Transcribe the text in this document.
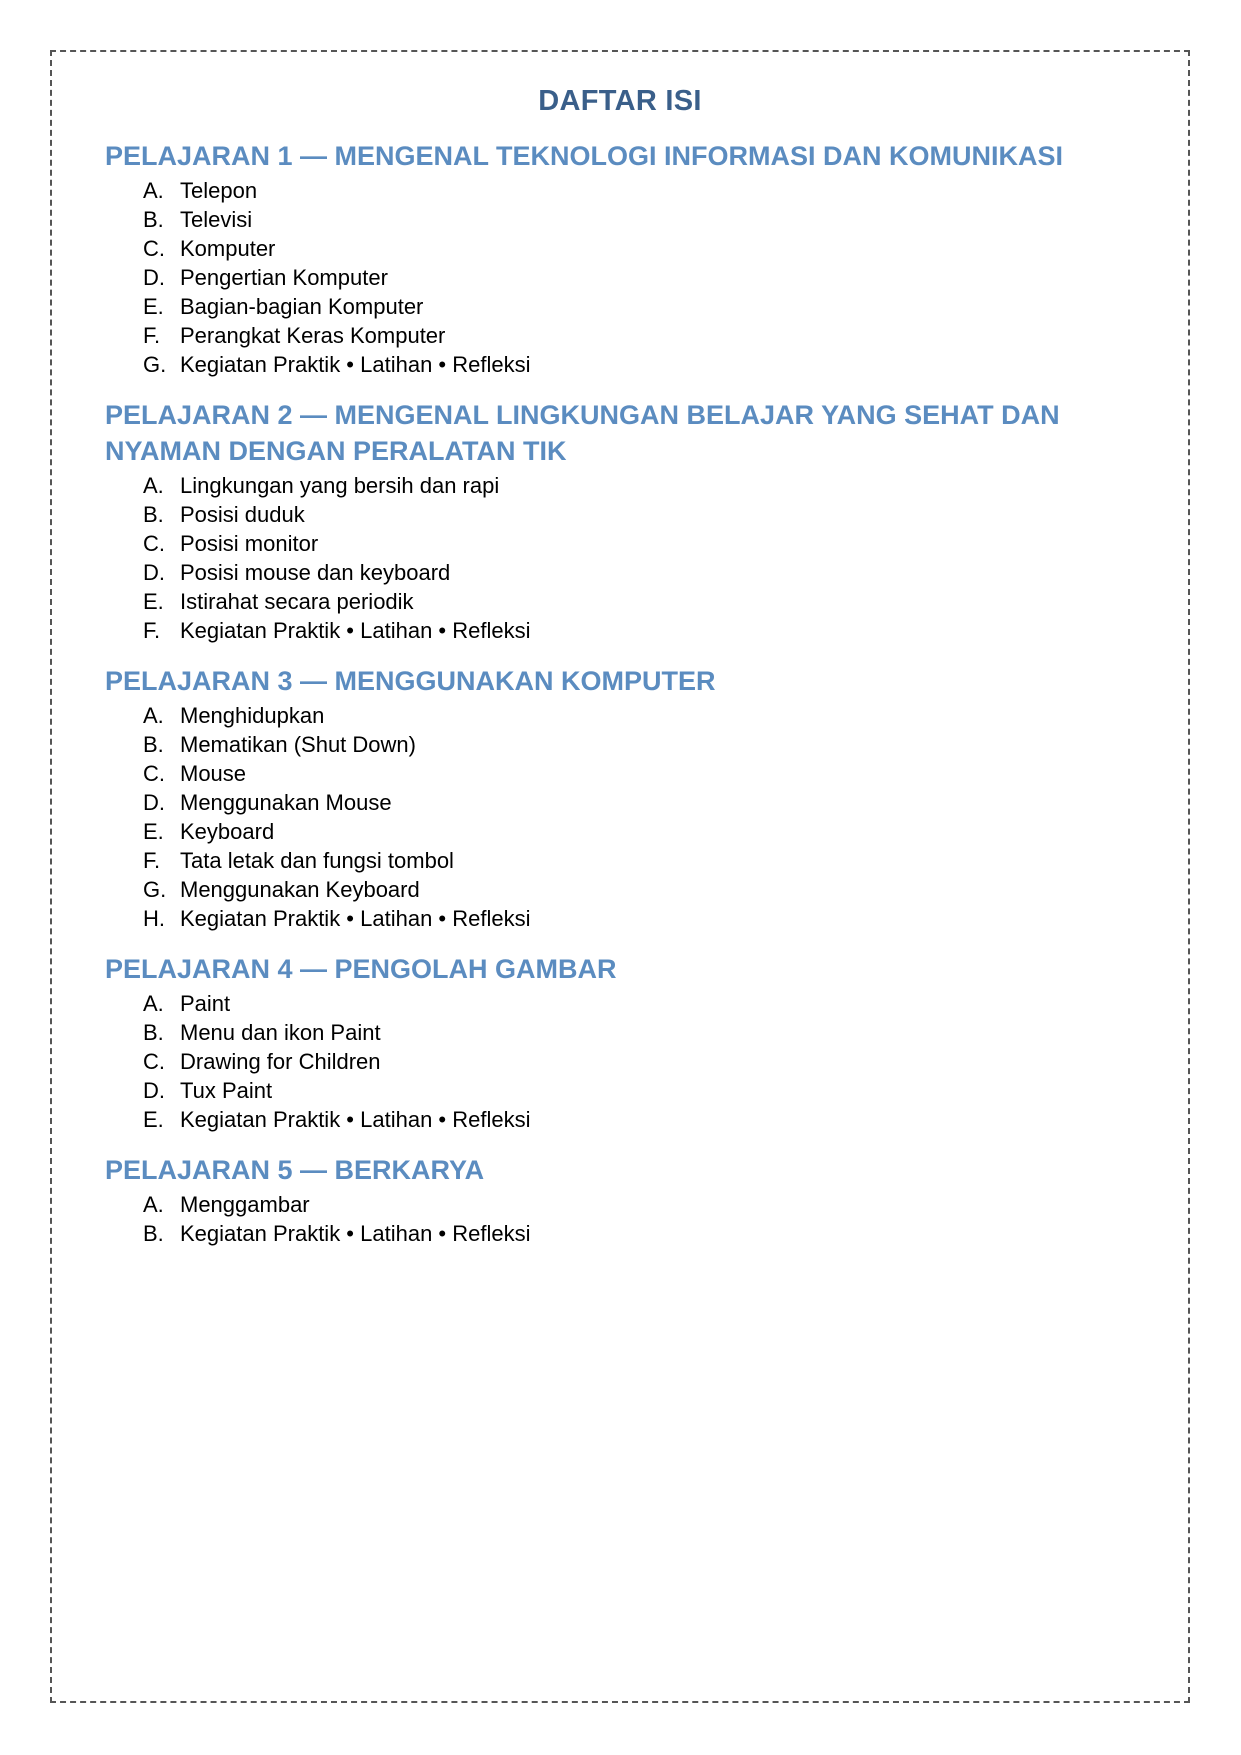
DAFTAR ISI
PELAJARAN 1 — MENGENAL TEKNOLOGI INFORMASI DAN KOMUNIKASI
A. Telepon
B. Televisi
C. Komputer
D. Pengertian Komputer
E. Bagian-bagian Komputer
F. Perangkat Keras Komputer
G. Kegiatan Praktik • Latihan • Refleksi
PELAJARAN 2 — MENGENAL LINGKUNGAN BELAJAR YANG SEHAT DAN NYAMAN DENGAN PERALATAN TIK
A. Lingkungan yang bersih dan rapi
B. Posisi duduk
C. Posisi monitor
D. Posisi mouse dan keyboard
E. Istirahat secara periodik
F. Kegiatan Praktik • Latihan • Refleksi
PELAJARAN 3 — MENGGUNAKAN KOMPUTER
A. Menghidupkan
B. Mematikan (Shut Down)
C. Mouse
D. Menggunakan Mouse
E. Keyboard
F. Tata letak dan fungsi tombol
G. Menggunakan Keyboard
H. Kegiatan Praktik • Latihan • Refleksi
PELAJARAN 4 — PENGOLAH GAMBAR
A. Paint
B. Menu dan ikon Paint
C. Drawing for Children
D. Tux Paint
E. Kegiatan Praktik • Latihan • Refleksi
PELAJARAN 5 — BERKARYA
A. Menggambar
B. Kegiatan Praktik • Latihan • Refleksi
